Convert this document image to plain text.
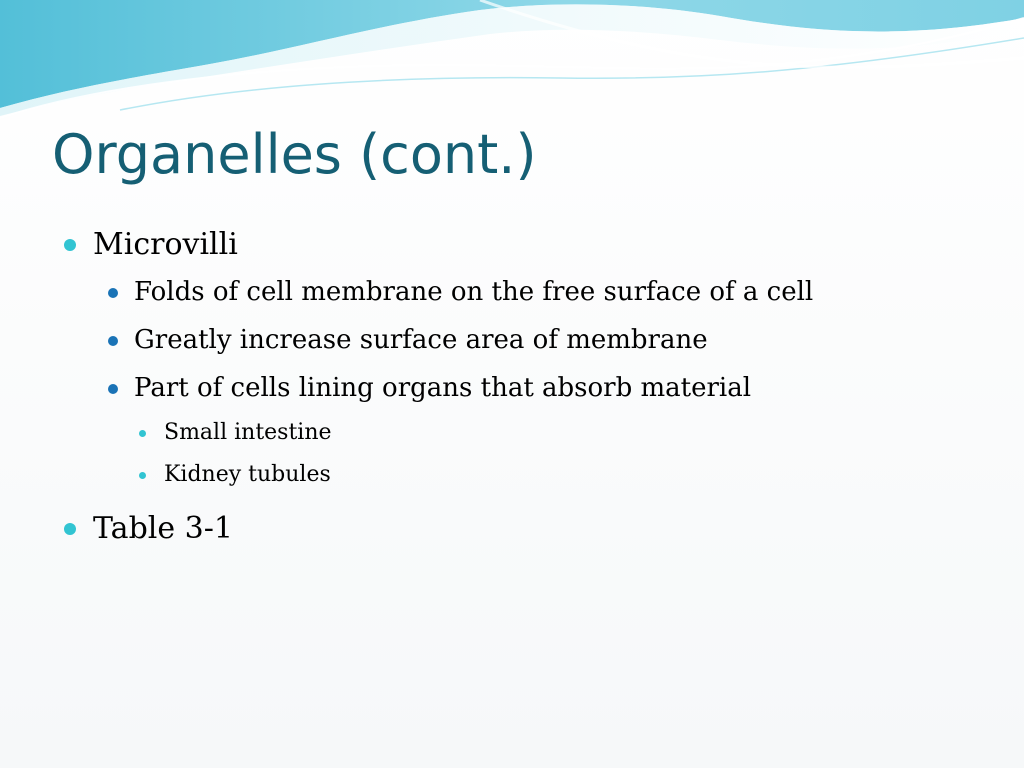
Organelles (cont.)
Microvilli
Folds of cell membrane on the free surface of a cell
Greatly increase surface area of membrane
Part of cells lining organs that absorb material
Small intestine
Kidney tubules
Table 3-1
